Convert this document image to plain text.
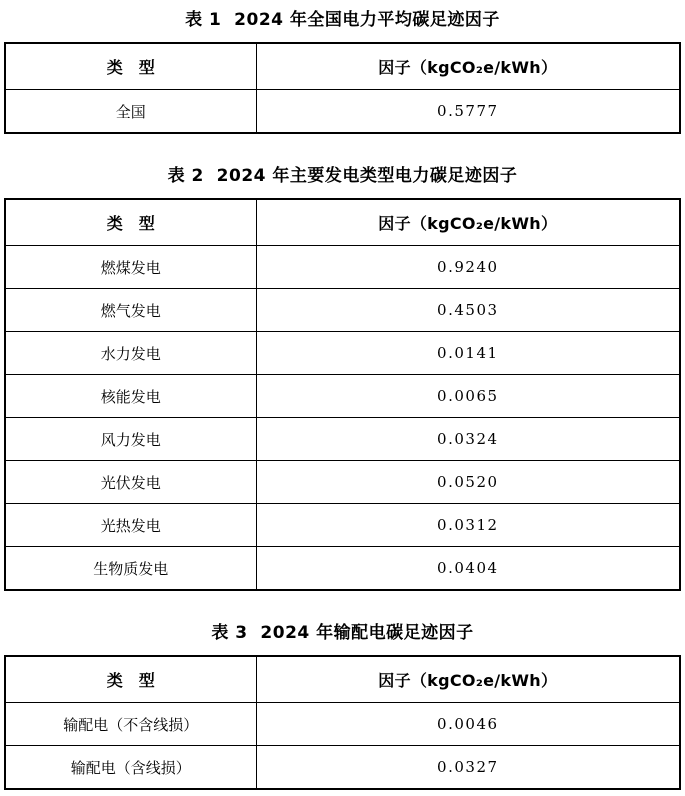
表 1  2024 年全国电力平均碳足迹因子
类　型	因子（kgCO₂e/kWh）
全国	0.5777
表 2  2024 年主要发电类型电力碳足迹因子
类　型	因子（kgCO₂e/kWh）
燃煤发电	0.9240
燃气发电	0.4503
水力发电	0.0141
核能发电	0.0065
风力发电	0.0324
光伏发电	0.0520
光热发电	0.0312
生物质发电	0.0404
表 3  2024 年输配电碳足迹因子
类　型	因子（kgCO₂e/kWh）
输配电（不含线损）	0.0046
输配电（含线损）	0.0327
